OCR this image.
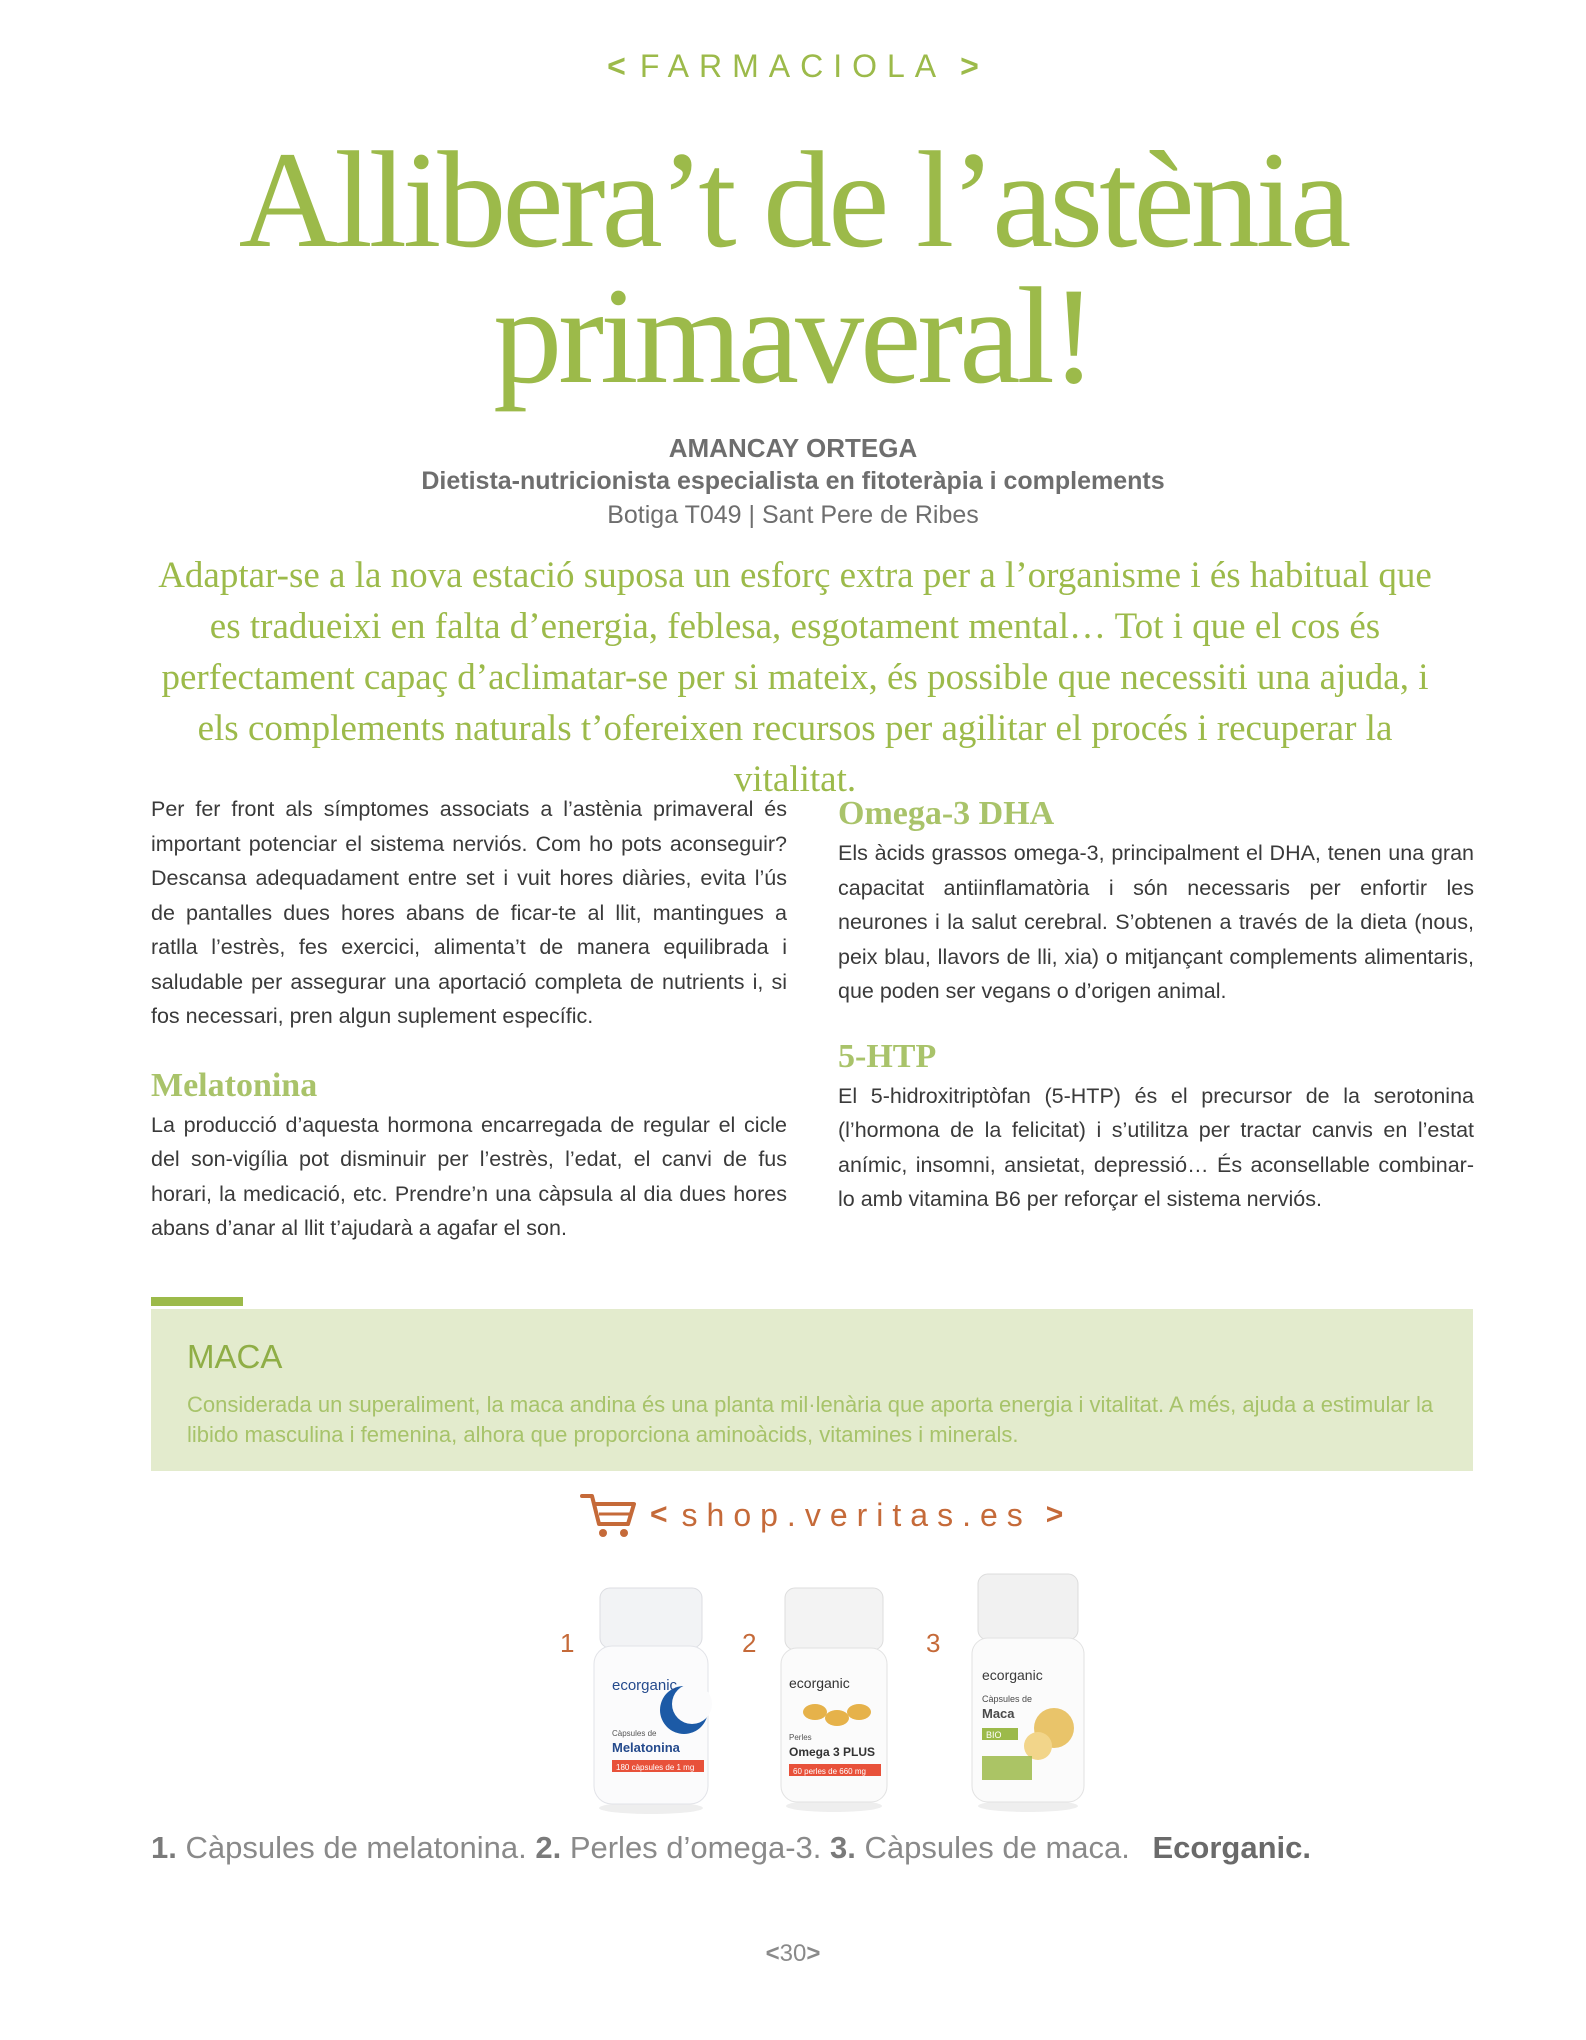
< FARMACIOLA >
Allibera’t de l’astènia
primaveral!
AMANCAY ORTEGA
Dietista-nutricionista especialista en fitoteràpia i complements
Botiga T049 | Sant Pere de Ribes
Adaptar-se a la nova estació suposa un esforç extra per a l’organisme i és habitual que es tradueixi en falta d’energia, feblesa, esgotament mental… Tot i que el cos és perfectament capaç d’aclimatar-se per si mateix, és possible que necessiti una ajuda, i els complements naturals t’ofereixen recursos per agilitar el procés i recuperar la vitalitat.

Per fer front als símptomes associats a l’astènia primaveral és important potenciar el sistema nerviós. Com ho pots aconseguir? Descansa adequadament entre set i vuit hores diàries, evita l’ús de pantalles dues hores abans de ficar-te al llit, mantingues a ratlla l’estrès, fes exercici, alimenta’t de manera equilibrada i saludable per assegurar una aportació completa de nutrients i, si fos necessari, pren algun suplement específic.

Melatonina

La producció d’aquesta hormona encarregada de regular el cicle del son-vigília pot disminuir per l’estrès, l’edat, el canvi de fus horari, la medicació, etc. Prendre’n una càpsula al dia dues hores abans d’anar al llit t’ajudarà a agafar el son.

Omega-3 DHA

Els àcids grassos omega-3, principalment el DHA, tenen una gran capacitat antiinflamatòria i són necessaris per enfortir les neurones i la salut cerebral. S’obtenen a través de la dieta (nous, peix blau, llavors de lli, xia) o mitjançant complements alimentaris, que poden ser vegans o d’origen animal.

5-HTP

El 5-hidroxitriptòfan (5-HTP) és el precursor de la serotonina (l’hormona de la felicitat) i s’utilitza per tractar canvis en l’estat anímic, insomni, ansietat, depressió… És aconsellable combinar-lo amb vitamina B6 per reforçar el sistema nerviós.

MACA
Considerada un superaliment, la maca andina és una planta mil·lenària que aporta energia i vitalitat. A més, ajuda a estimular la libido masculina i femenina, alhora que proporciona aminoàcids, vitamines i minerals.
< shop.veritas.es >
1	2	3
ecorganic
Càpsules de
Melatonina
180 càpsules de 1 mg
ecorganic
Perles
Omega 3 PLUS
60 perles de 660 mg
ecorganic
Càpsules de
Maca
BIO
1. Càpsules de melatonina. 2. Perles d’omega-3. 3. Càpsules de maca. Ecorganic.
<30>
